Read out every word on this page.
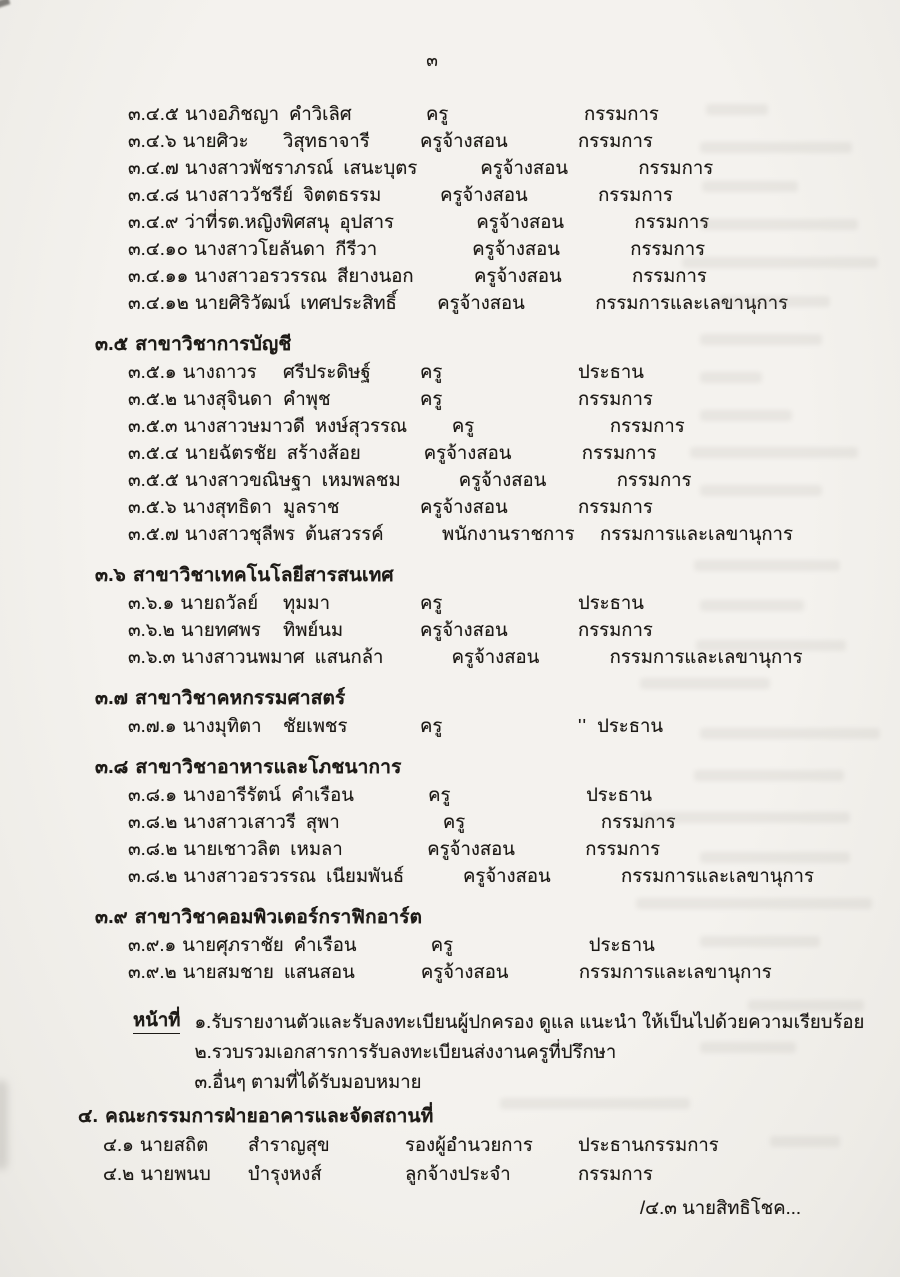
๓
๓.๔.๕ นางอภิชญา คำวิเลิศ	ครู	กรรมการ
๓.๔.๖ นายศิวะ	วิสุทธาจารี	ครูจ้างสอน	กรรมการ
๓.๔.๗ นางสาวพัชราภรณ์ เสนะบุตร	ครูจ้างสอน	กรรมการ
๓.๔.๘ นางสาววัชรีย์ จิตตธรรม	ครูจ้างสอน	กรรมการ
๓.๔.๙ ว่าที่รต.หญิงพิศสนุ อุปสาร	ครูจ้างสอน	กรรมการ
๓.๔.๑๐ นางสาวโยลันดา กีรีวา	ครูจ้างสอน	กรรมการ
๓.๔.๑๑ นางสาวอรวรรณ สียางนอก	ครูจ้างสอน	กรรมการ
๓.๔.๑๒ นายศิริวัฒน์ เทศประสิทธิ์	ครูจ้างสอน	กรรมการและเลขานุการ
๓.๕ สาขาวิชาการบัญชี
๓.๕.๑ นางถาวร	ศรีประดิษฐ์	ครู	ประธาน
๓.๕.๒ นางสุจินดา คำพุช	ครู	กรรมการ
๓.๕.๓ นางสาวษมาวดี หงษ์สุวรรณ	ครู	กรรมการ
๓.๕.๔ นายฉัตรชัย สร้างส้อย	ครูจ้างสอน	กรรมการ
๓.๕.๕ นางสาวขณิษฐา เหมพลชม	ครูจ้างสอน	กรรมการ
๓.๕.๖ นางสุทธิดา มูลราช	ครูจ้างสอน	กรรมการ
๓.๕.๗ นางสาวชุลีพร ต้นสวรรค์	พนักงานราชการ	กรรมการและเลขานุการ
๓.๖ สาขาวิชาเทคโนโลยีสารสนเทศ
๓.๖.๑ นายถวัลย์	ทุมมา	ครู	ประธาน
๓.๖.๒ นายทศพร	ทิพย์นม	ครูจ้างสอน	กรรมการ
๓.๖.๓ นางสาวนพมาศ แสนกล้า	ครูจ้างสอน	กรรมการและเลขานุการ
๓.๗ สาขาวิชาคหกรรมศาสตร์
๓.๗.๑ นางมุทิตา	ชัยเพชร	ครู	'' ประธาน
๓.๘ สาขาวิชาอาหารและโภชนาการ
๓.๘.๑ นางอารีรัตน์ คำเรือน	ครู	ประธาน
๓.๘.๒ นางสาวเสาวรี สุพา	ครู	กรรมการ
๓.๘.๒ นายเชาวลิต เหมลา	ครูจ้างสอน	กรรมการ
๓.๘.๒ นางสาวอรวรรณ เนียมพันธ์	ครูจ้างสอน	กรรมการและเลขานุการ
๓.๙ สาขาวิชาคอมพิวเตอร์กราฟิกอาร์ต
๓.๙.๑ นายศุภราชัย คำเรือน	ครู	ประธาน
๓.๙.๒ นายสมชาย แสนสอน	ครูจ้างสอน	กรรมการและเลขานุการ
หน้าที่ ๑.รับรายงานตัวและรับลงทะเบียนผู้ปกครอง ดูแล แนะนำ ให้เป็นไปด้วยความเรียบร้อย
๒.รวบรวมเอกสารการรับลงทะเบียนส่งงานครูที่ปรึกษา
๓.อื่นๆ ตามที่ได้รับมอบหมาย
๔. คณะกรรมการฝ่ายอาคารและจัดสถานที่
๔.๑ นายสถิต	สำราญสุข	รองผู้อำนวยการ	ประธานกรรมการ
๔.๒ นายพนบ	บำรุงหงส์	ลูกจ้างประจำ	กรรมการ
/๔.๓ นายสิทธิโชค...
